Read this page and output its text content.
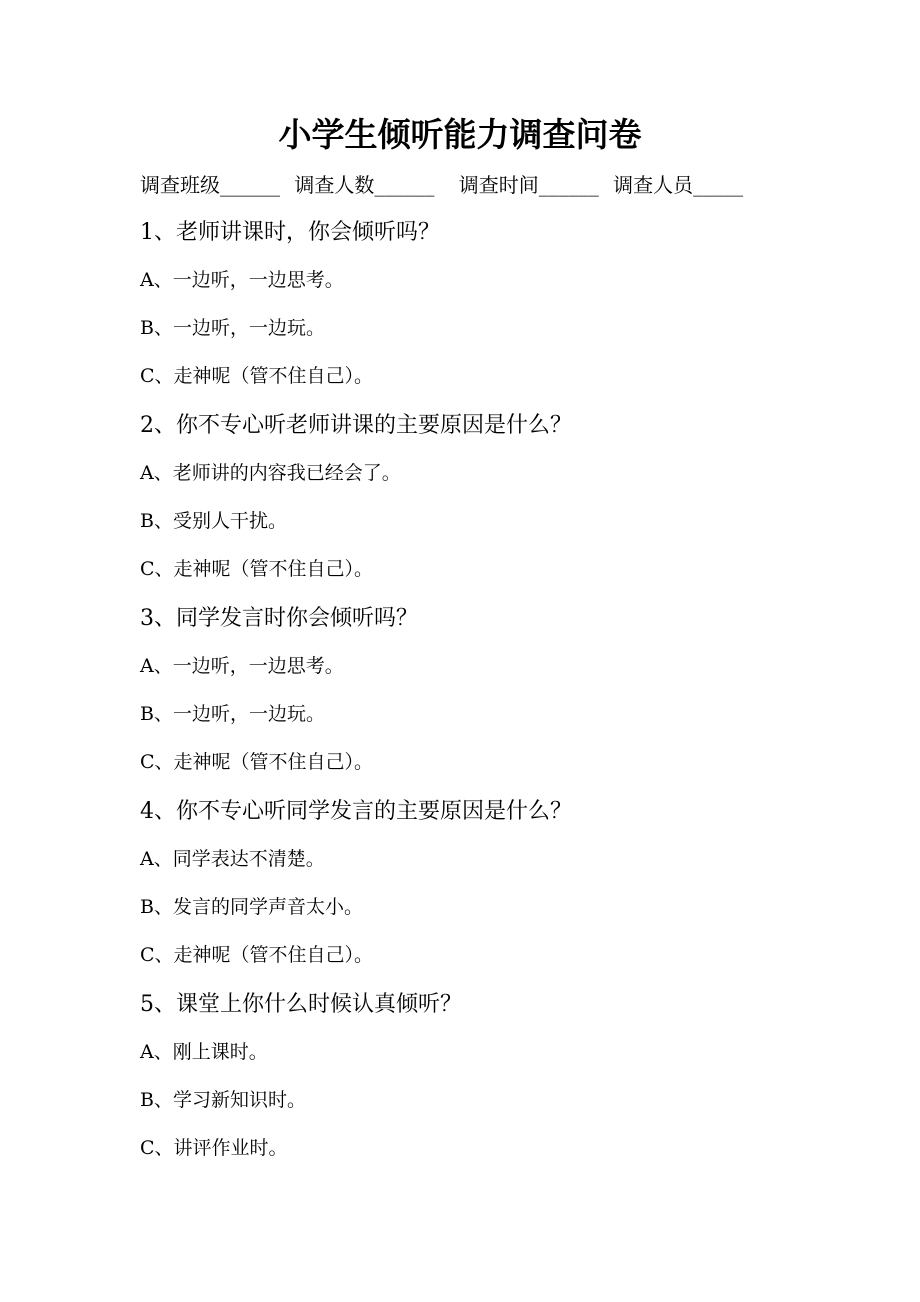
小学生倾听能力调查问卷
调查班级______ 调查人数______ 调查时间______ 调查人员_____
1、老师讲课时，你会倾听吗？
A、一边听，一边思考。
B、一边听，一边玩。
C、走神呢（管不住自己）。
2、你不专心听老师讲课的主要原因是什么？
A、老师讲的内容我已经会了。
B、受别人干扰。
C、走神呢（管不住自己）。
3、同学发言时你会倾听吗？
A、一边听，一边思考。
B、一边听，一边玩。
C、走神呢（管不住自己）。
4、你不专心听同学发言的主要原因是什么？
A、同学表达不清楚。
B、发言的同学声音太小。
C、走神呢（管不住自己）。
5、课堂上你什么时候认真倾听？
A、刚上课时。
B、学习新知识时。
C、讲评作业时。
